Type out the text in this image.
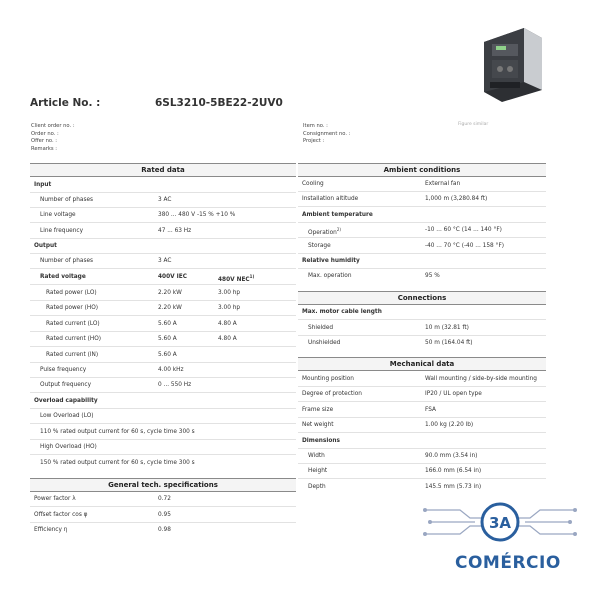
Article No. :	6SL3210-5BE22-2UV0
Client order no. :
Order no. :
Offer no. :
Remarks :
Item no. :
Consignment no. :
Project :
Figure similar
Rated data
Input
Number of phases	3 AC
Line voltage	380 ... 480 V -15 % +10 %
Line frequency	47 ... 63 Hz
Output
Number of phases	3 AC
Rated voltage	400V IEC	480V NEC$^{1)}$
Rated power (LO)	2.20 kW	3.00 hp
Rated power (HO)	2.20 kW	3.00 hp
Rated current (LO)	5.60 A	4.80 A
Rated current (HO)	5.60 A	4.80 A
Rated current (IN)	5.60 A
Pulse frequency	4.00 kHz
Output frequency	0 ... 550 Hz
Overload capability
Low Overload (LO)
110 % rated output current for 60 s, cycle time 300 s
High Overload (HO)
150 % rated output current for 60 s, cycle time 300 s
General tech. specifications
Power factor λ	0.72
Offset factor cos φ	0.95
Efficiency η	0.98
Ambient conditions
Cooling	External fan
Installation altitude	1,000 m (3,280.84 ft)
Ambient temperature
Operation$^{2)}$	-10 ... 60 °C (14 ... 140 °F)
Storage	-40 ... 70 °C (-40 ... 158 °F)
Relative humidity
Max. operation	95 %
Connections
Max. motor cable length
Shielded	10 m (32.81 ft)
Unshielded	50 m (164.04 ft)
Mechanical data
Mounting position	Wall mounting / side-by-side mounting
Degree of protection	IP20 / UL open type
Frame size	FSA
Net weight	1.00 kg (2.20 lb)
Dimensions
Width	90.0 mm (3.54 in)
Height	166.0 mm (6.54 in)
Depth	145.5 mm (5.73 in)
3A
COMÉRCIO
